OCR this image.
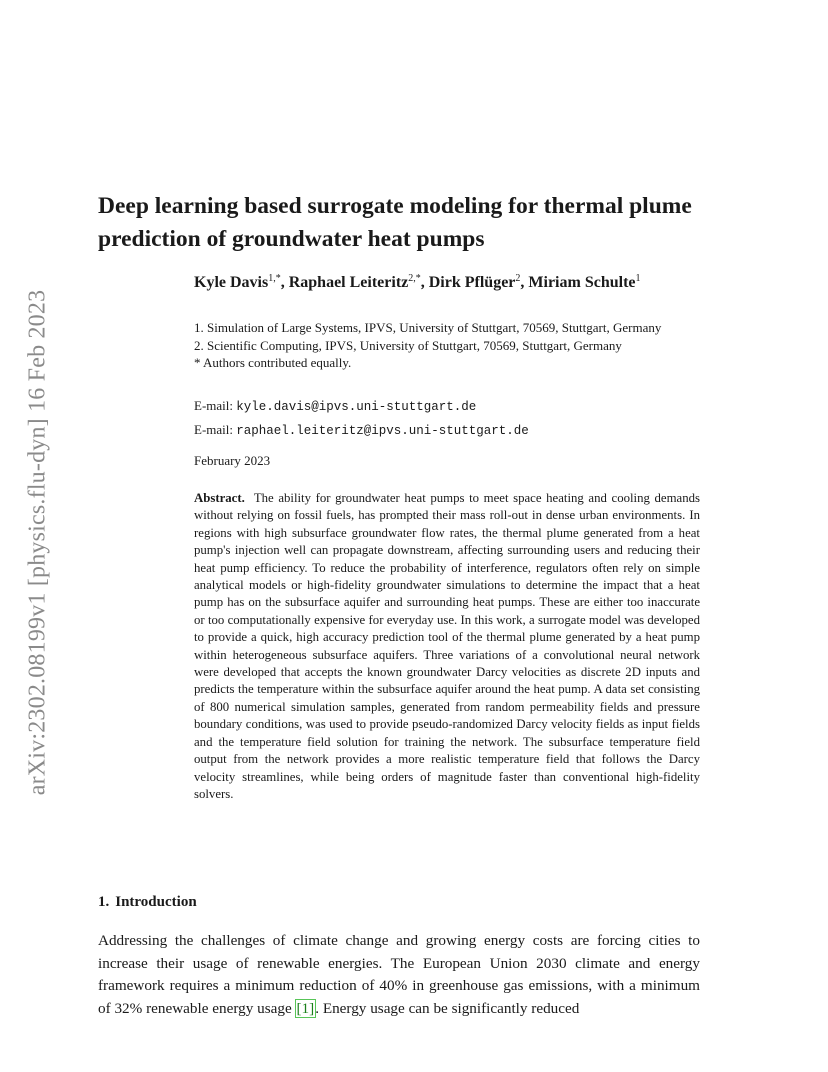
arXiv:2302.08199v1 [physics.flu-dyn] 16 Feb 2023
Deep learning based surrogate modeling for thermal plume prediction of groundwater heat pumps
Kyle Davis$^{1,*}$, Raphael Leiteritz$^{2,*}$, Dirk Pflüger$^2$, Miriam Schulte$^1$
1. Simulation of Large Systems, IPVS, University of Stuttgart, 70569, Stuttgart, Germany
2. Scientific Computing, IPVS, University of Stuttgart, 70569, Stuttgart, Germany
* Authors contributed equally.
E-mail: kyle.davis@ipvs.uni-stuttgart.de
E-mail: raphael.leiteritz@ipvs.uni-stuttgart.de
February 2023

Abstract. The ability for groundwater heat pumps to meet space heating and cooling demands without relying on fossil fuels, has prompted their mass roll-out in dense urban environments. In regions with high subsurface groundwater flow rates, the thermal plume generated from a heat pump's injection well can propagate downstream, affecting surrounding users and reducing their heat pump efficiency. To reduce the probability of interference, regulators often rely on simple analytical models or high-fidelity groundwater simulations to determine the impact that a heat pump has on the subsurface aquifer and surrounding heat pumps. These are either too inaccurate or too computationally expensive for everyday use. In this work, a surrogate model was developed to provide a quick, high accuracy prediction tool of the thermal plume generated by a heat pump within heterogeneous subsurface aquifers. Three variations of a convolutional neural network were developed that accepts the known groundwater Darcy velocities as discrete 2D inputs and predicts the temperature within the subsurface aquifer around the heat pump. A data set consisting of 800 numerical simulation samples, generated from random permeability fields and pressure boundary conditions, was used to provide pseudo-randomized Darcy velocity fields as input fields and the temperature field solution for training the network. The subsurface temperature field output from the network provides a more realistic temperature field that follows the Darcy velocity streamlines, while being orders of magnitude faster than conventional high-fidelity solvers.

1. Introduction

Addressing the challenges of climate change and growing energy costs are forcing cities to increase their usage of renewable energies. The European Union 2030 climate and energy framework requires a minimum reduction of 40% in greenhouse gas emissions, with a minimum of 32% renewable energy usage [1]. Energy usage can be significantly reduced
